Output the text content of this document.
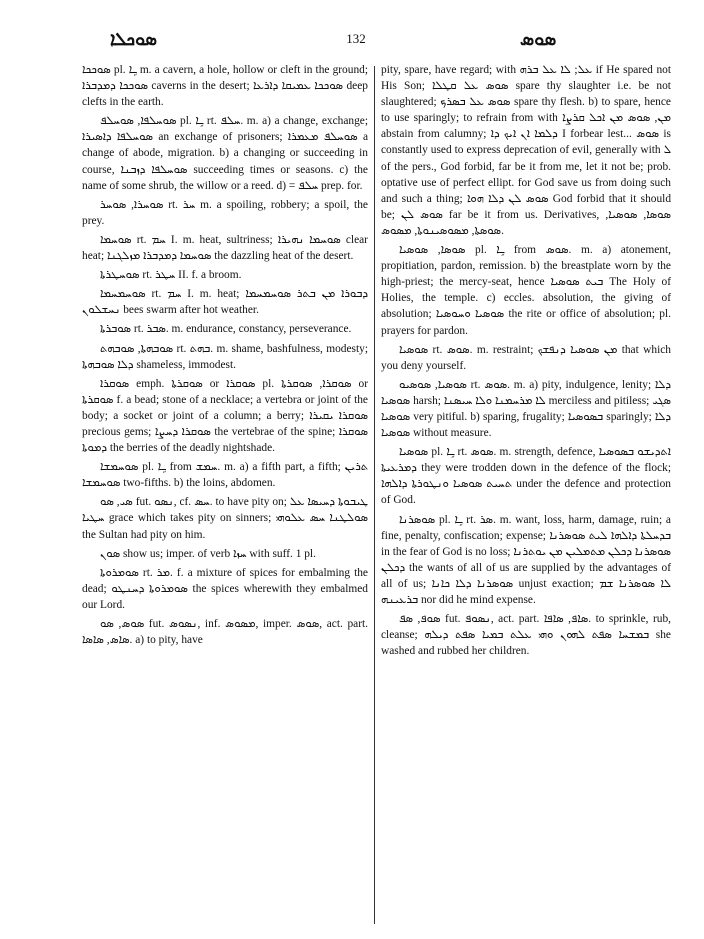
ܣܘܟܠܐ	132	ܣܘܣ

ܣܘܟܟܐ pl. ـܹܐ m. a cavern, a hole, hollow or cleft in the ground; ܣܘܟܟܐ ܕܡܕܒܪܐ caverns in the desert; ܣܘܟܟܐ ܥܡܝܩܐ ܕܐܪܥܐ deep clefts in the earth.

ܣܘܚܠܦܐ, ܣܘܚܠܦ pl. ـܹܐ rt. ܚܠܦ. m. a) a change, exchange; ܣܘܚܠܦܐ ܕܐܣܝܪܐ an exchange of prisoners; ܣܘܚܠܦ ܡܥܡܪܐ a change of abode, migration. b) a changing or succeeding in course, ܣܘܚܠܦܐ ܕܙܒܢܐ succeeding times or seasons. c) the name of some shrub, the willow or a reed. d) = ܚܠܦ prep. for.

ܣܘܚܪܐ, ܣܘܚܪ rt. ܚܪ m. a spoiling, robbery; a spoil, the prey.

ܣܘܚܡܐ rt. ܚܡ I. m. heat, sultriness; ܣܘܚܡܐ ܢܗܝܪܐ clear heat; ܣܘܚܡܐ ܕܡܕܒܪܐ ܡܙܠܓܢܐ the dazzling heat of the desert.

ܣܘܚܛܪܬܐ rt. ܚܛܪ II. f. a broom.

ܣܘܚܡܚܡܐ rt. ܚܡ I. m. heat; ܕܒܘܪܐ ܡܢ ܒܬܪ ܣܘܚܡܚܡܐ ܢܚܫܠܘܢ bees swarm after hot weather.

ܣܘܒܪܬܐ rt. ܣܒܪ. m. endurance, constancy, perseverance.

ܣܘܒܗܬܐ, ܣܘܒܗܬ rt. ܒܗܬ. m. shame, bashfulness, modesty; ܕܠܐ ܣܘܒܗܬܐ shameless, immodest.

ܣܘܩܪܐ emph. ܣܘܩܪܬܐ or ܣܘܩܪܐ pl. ܣܘܩܪܐ, ܣܘܩܪܬܐ or ܣܘܩܪܬܐ f. a bead; stone of a necklace; a vertebra or joint of the body; a socket or joint of a column; a berry; ܣܘܩܪܐ ܝܩܝܪܐ precious gems; ܣܘܩܪܐ ܕܚܨܐ the vertebrae of the spine; ܣܘܩܪܐ ܕܡܘܬܐ the berries of the deadly nightshade.

ܣܘܚܡܫܐ pl. ـܹܐ from ܚܡܫ. m. a) a fifth part, a fifth; ܬܪܝܢ ܣܘܚܡܫܐ two-fifths. b) the loins, abdomen.

ܣܝ, ܣܘ fut. ܢܣܘ, cf. ܚܣ. to have pity on; ܛܝܒܘܬܐ ܕܚܝܣܐ ܥܠ ܚܛܝܐ grace which takes pity on sinners; ܣܘܠܛܢܐ ܚܣ ܥܠܘܗܝ the Sultan had pity on him.

ܣܘܢ show us; imper. of verb ܚܙܐ with suff. 1 pl.

ܣܘܡܪܘܬܐ rt. ܡܪ. f. a mixture of spices for embalming the dead; ܣܘܡܪܘܬܐ ܕܚܢܛܘ the spices wherewith they embalmed our Lord.

ܣܘܣ, ܣܘ fut. ܢܣܘܣ, inf. ܡܣܘܣ, imper. ܣܘܣ, act. part. ܣܐܣ, ܣܐܣܐ. a) to pity, have

pity, spare, have regard; with ܥܠ; ܠܐ ܥܠ ܒܪܗ if He spared not His Son; ܣܘܣ ܥܠ ܩܛܠܐ spare thy slaughter i.e. be not slaughtered; ܣܘܣ ܥܠ ܒܣܪܟ spare thy flesh. b) to spare, hence to use sparingly; to refrain from with ܡܢ, ܣܘܣ ܡܢ ܐܟܠ ܩܪܨܐ abstain from calumny; ܕܠܡܐ ܐܢ ܐܝܟ ܕܐ I forbear lest... ܣܘܣ is constantly used to express deprecation of evil, generally with ܠ of the pers., God forbid, far be it from me, let it not be; prob. optative use of perfect ellipt. for God save us from doing such and such a thing; ܣܘܣ ܠܢ ܕܠܐ ܗܘܐ God forbid that it should be; ܣܘܣ ܠܢ far be it from us. Derivatives, ܣܘܣܐ, ܣܘܣܝܐ, ܣܘܣܬܐ, ܡܣܘܣܝܢܘܬܐ, ܡܣܘܣ.

ܣܘܣܐ, ܣܘܣܝܐ pl. ـܹܐ from ܣܘܣ. m. a) atonement, propitiation, pardon, remission. b) the breastplate worn by the high-priest; the mercy-seat, hence ܒܝܬ ܣܘܣܝܐ The Holy of Holies, the temple. c) eccles. absolution, the giving of absolution; ܣܘܣܝܐ ܘܚܘܣܝܐ the rite or office of absolution; pl. prayers for pardon.

ܣܘܣܝܐ rt. ܣܘܣ. m. restraint; ܡܢ ܣܘܣܝܐ ܕܢܦܫܟ that which you deny yourself.

ܣܘܣܝܐ, ܣܘܣܝܘ rt. ܣܘܣ. m. a) pity, indulgence, lenity; ܕܠܐ ܣܘܣܝܐ harsh; ܠܐ ܡܪܚܡܢܐ ܘܠܐ ܚܝܣܢܐ merciless and pitiless; ܣܓܝ ܣܘܣܝܐ very pitiful. b) sparing, frugality; ܒܣܘܣܝܐ sparingly; ܕܠܐ ܣܘܣܝܐ without measure.

ܣܘܣܝܐ pl. ـܹܐ rt. ܣܘܣ. m. strength, defence, ܐܬܕܝܫܘ ܒܣܘܣܝܐ ܕܡܪܥܝܬܐ they were trodden down in the defence of the flock; ܬܚܝܬ ܣܘܣܝܐ ܘܢܛܘܪܬܐ ܕܐܠܗܐ under the defence and protection of God.

ܣܘܣܪܢܐ pl. ـܹܐ rt. ܣܪ. m. want, loss, harm, damage, ruin; a fine, penalty, confiscation; expense; ܒܕܚܠܬܐ ܕܐܠܗܐ ܠܝܬ ܣܘܣܪܢܐ in the fear of God is no loss; ܣܘܣܪܢܐ ܕܟܠܢ ܡܬܡܠܝܢ ܡܢ ܝܘܬܪܢܐ ܕܟܠܢ the wants of all of us are supplied by the advantages of all of us; ܣܘܣܪܢܐ ܕܠܐ ܟܐܢܐ unjust exaction; ܠܐ ܣܘܣܪܢܐ ܫܡ ܒܪܥܝܢܗ nor did he mind expense.

ܣܘܦ, ܣܦ fut. ܢܣܘܦ, act. part. ܣܐܦ, ܣܐܦܐ. to sprinkle, rub, cleanse; ܒܡܫܚܐ ܣܦܬ ܠܗܘܢ ܘܗܝ ܥܠܬ ܒܡܝܐ ܣܦܬ ܕܝܠܗ she washed and rubbed her children.
